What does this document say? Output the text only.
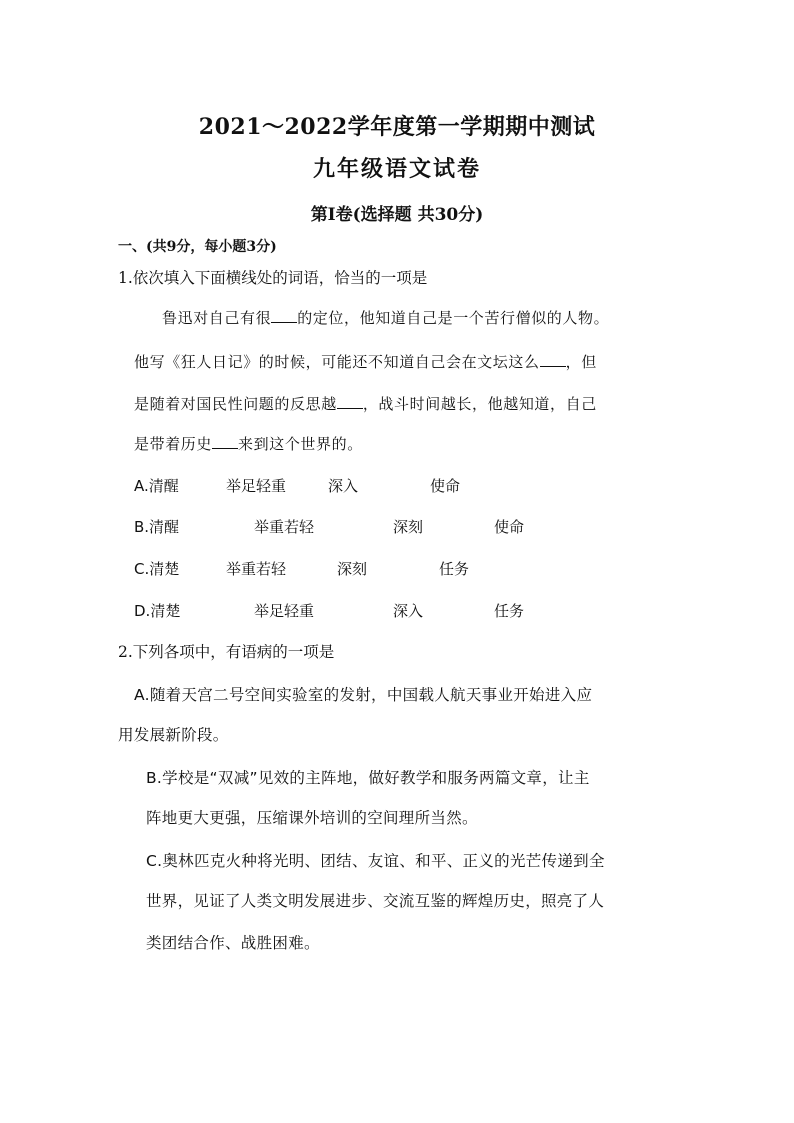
2021～2022学年度第一学期期中测试
九年级语文试卷
第Ⅰ卷(选择题 共30分)
一、(共9分，每小题3分)
1.依次填入下面横线处的词语，恰当的一项是
鲁迅对自己有很 的定位，他知道自己是一个苦行僧似的人物。
他写《狂人日记》的时候，可能还不知道自己会在文坛这么 ，但
是随着对国民性问题的反思越 ，战斗时间越长，他越知道，自己
是带着历史 来到这个世界的。
A.清醒	举足轻重	深入	使命
B.清醒	举重若轻	深刻	使命
C.清楚	举重若轻	深刻	任务
D.清楚	举足轻重	深入	任务
2.下列各项中，有语病的一项是
A.随着天宫二号空间实验室的发射，中国载人航天事业开始进入应
用发展新阶段。
B.学校是“双减”见效的主阵地，做好教学和服务两篇文章，让主
阵地更大更强，压缩课外培训的空间理所当然。
C.奥林匹克火种将光明、团结、友谊、和平、正义的光芒传递到全
世界，见证了人类文明发展进步、交流互鉴的辉煌历史，照亮了人
类团结合作、战胜困难。
